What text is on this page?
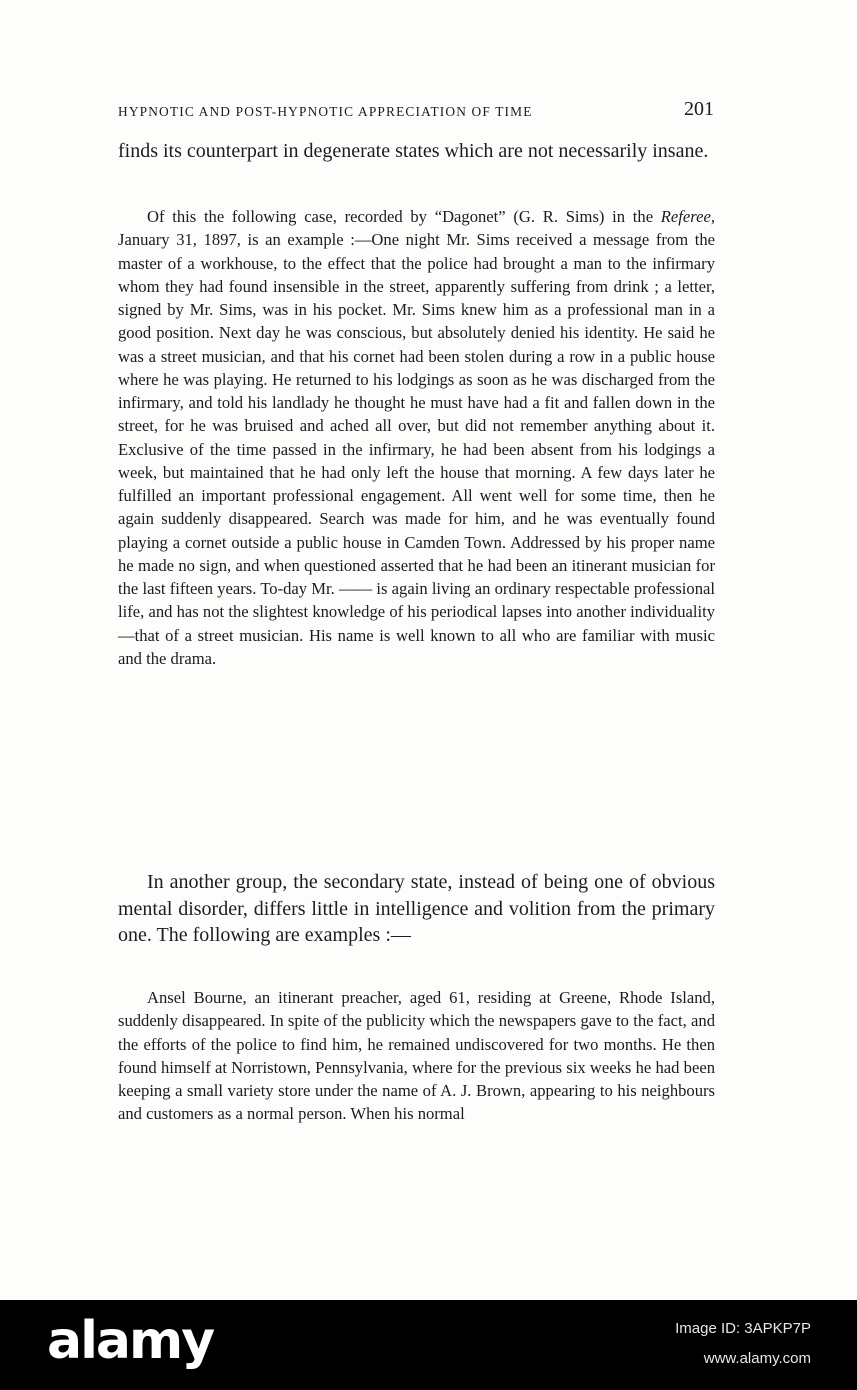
HYPNOTIC AND POST-HYPNOTIC APPRECIATION OF TIME	201

finds its counterpart in degenerate states which are not necessarily insane.

Of this the following case, recorded by “Dagonet” (G. R. Sims) in the Referee, January 31, 1897, is an example :—One night Mr. Sims received a message from the master of a workhouse, to the effect that the police had brought a man to the infirmary whom they had found insensible in the street, apparently suffering from drink ; a letter, signed by Mr. Sims, was in his pocket. Mr. Sims knew him as a professional man in a good position. Next day he was conscious, but absolutely denied his identity. He said he was a street musician, and that his cornet had been stolen during a row in a public house where he was playing. He returned to his lodgings as soon as he was discharged from the infirmary, and told his landlady he thought he must have had a fit and fallen down in the street, for he was bruised and ached all over, but did not remember anything about it. Exclusive of the time passed in the infirmary, he had been absent from his lodgings a week, but maintained that he had only left the house that morning. A few days later he fulfilled an important professional engagement. All went well for some time, then he again suddenly disappeared. Search was made for him, and he was eventually found playing a cornet outside a public house in Camden Town. Addressed by his proper name he made no sign, and when questioned asserted that he had been an itinerant musician for the last fifteen years. To-day Mr. —— is again living an ordinary respectable professional life, and has not the slightest knowledge of his periodical lapses into another individuality—that of a street musician. His name is well known to all who are familiar with music and the drama.

In another group, the secondary state, instead of being one of obvious mental disorder, differs little in intelligence and volition from the primary one. The following are examples :—

Ansel Bourne, an itinerant preacher, aged 61, residing at Greene, Rhode Island, suddenly disappeared. In spite of the publicity which the newspapers gave to the fact, and the efforts of the police to find him, he remained undiscovered for two months. He then found himself at Norristown, Pennsylvania, where for the previous six weeks he had been keeping a small variety store under the name of A. J. Brown, appearing to his neighbours and customers as a normal person. When his normal

alamy	Image ID: 3APKP7P
www.alamy.com
